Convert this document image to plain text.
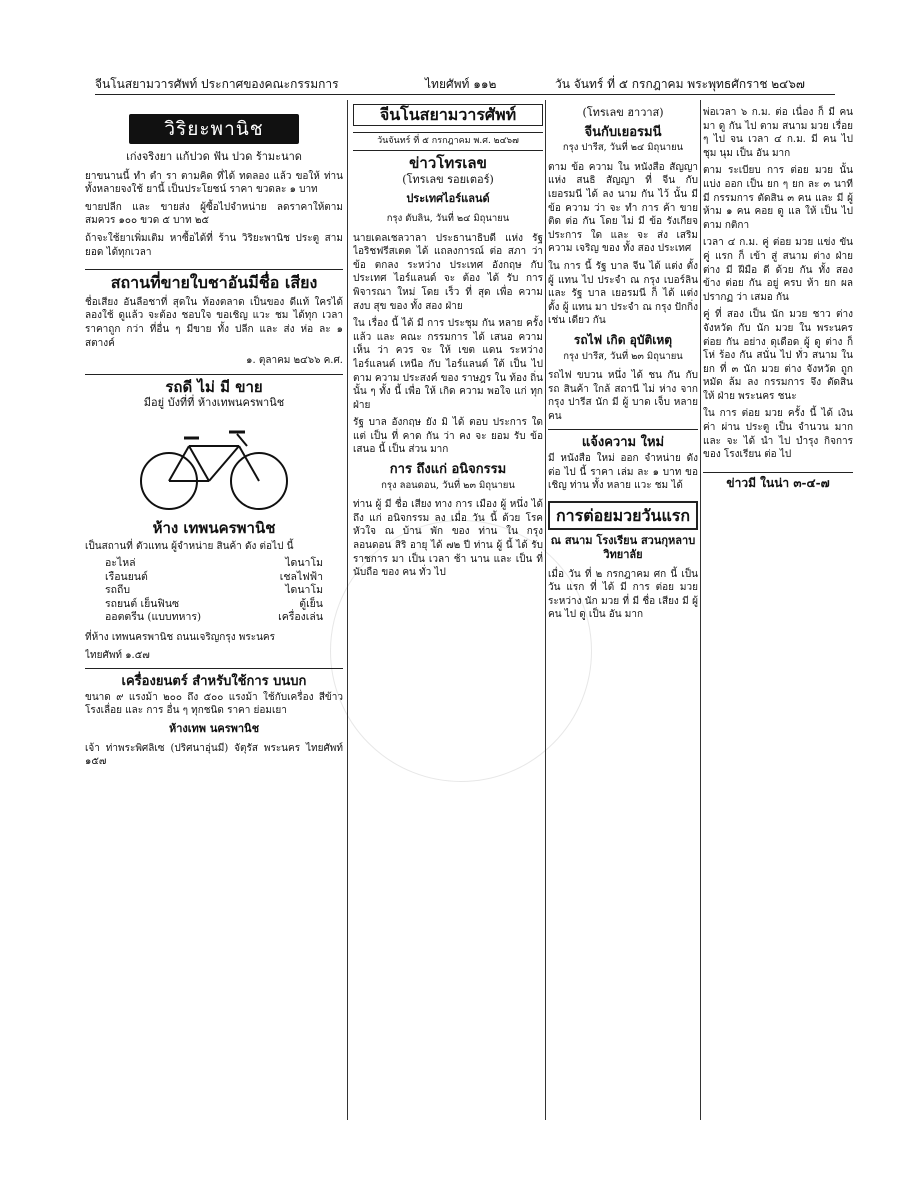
จีนโนสยามวารศัพท์ ประกาศของคณะกรรมการ	ไทยศัพท์ ๑๑๒	วัน จันทร์ ที่ ๕ กรกฎาคม พระพุทธศักราช ๒๔๖๗
วิริยะพานิช
เก่งจริงยา แก้ปวด ฟัน ปวด ร้ามะนาด

ยาขนานนี้ ทำ ตำ รา ตามคิด ที่ได้ ทดลอง แล้ว ขอให้ ท่าน ทั้งหลายจงใช้ ยานี้ เป็นประโยชน์ ราคา ขวดละ ๑ บาท

ขายปลีก และ ขายส่ง ผู้ซื้อไปจำหน่าย ลดราคาให้ตามสมควร ๑๐๐ ขวด ๕ บาท ๒๕

ถ้าจะใช้ยาเพิ่มเติม หาซื้อได้ที่ ร้าน วิริยะพานิช ประตู สามยอด ได้ทุกเวลา

สถานที่ขายใบชาอันมีชื่อ เสียง

ชื่อเสียง อันลือชาที่ สุดใน ท้องตลาด เป็นของ ดีแท้ ใครได้ ลองใช้ ดูแล้ว จะต้อง ชอบใจ ขอเชิญ แวะ ชม ได้ทุก เวลา ราคาถูก กว่า ที่อื่น ๆ มีขาย ทั้ง ปลีก และ ส่ง ห่อ ละ ๑ สตางค์

๑. ตุลาคม ๒๔๖๖ ค.ศ.

รถดี ไม่ มี ขาย
มีอยู่ บังที่ที่ ห้างเทพนครพานิช
ห้าง เทพนครพานิช

เป็นสถานที่ ตัวแทน ผู้จำหน่าย สินค้า ดัง ต่อไป นี้

อะไหล่	ไดนาโม
เรือนยนต์	เชลไฟฟ้า
รถถีบ	ไดนาโม
รถยนต์ เย็นฟินซ	ตู้เย็น
ออตตรีน (แบบทหาร)	เครื่องเล่น

ที่ห้าง เทพนครพานิช ถนนเจริญกรุง พระนคร

ไทยศัพท์ ๑.๕๗

เครื่องยนตร์ สำหรับใช้การ บนบก

ขนาด ๙ แรงม้า ๒๐๐ ถึง ๕๐๐ แรงม้า ใช้กับเครื่อง สีข้าว โรงเลื่อย และ การ อื่น ๆ ทุกชนิด ราคา ย่อมเยา

ห้างเทพ นครพานิช

เจ้า ท่าพระพิศลิเซ (ปริศนาอุ่นมี) จัตุรัส พระนคร ไทยศัพท์ ๑๕๗

จีนโนสยามวารศัพท์
วันจันทร์ ที่ ๕ กรกฎาคม พ.ศ. ๒๔๖๗
ข่าวโทรเลข
(โทรเลข รอยเตอร์)
ประเทศไอร์แลนด์
กรุง ดับลิน, วันที่ ๒๔ มิถุนายน

นายเดลเชลวาลา ประธานาธิบดี แห่ง รัฐ ไอริชฟรีสเตต ได้ แถลงการณ์ ต่อ สภา ว่า ข้อ ตกลง ระหว่าง ประเทศ อังกฤษ กับ ประเทศ ไอร์แลนด์ จะ ต้อง ได้ รับ การ พิจารณา ใหม่ โดย เร็ว ที่ สุด เพื่อ ความ สงบ สุข ของ ทั้ง สอง ฝ่าย

ใน เรื่อง นี้ ได้ มี การ ประชุม กัน หลาย ครั้ง แล้ว และ คณะ กรรมการ ได้ เสนอ ความ เห็น ว่า ควร จะ ให้ เขต แดน ระหว่าง ไอร์แลนด์ เหนือ กับ ไอร์แลนด์ ใต้ เป็น ไป ตาม ความ ประสงค์ ของ ราษฎร ใน ท้อง ถิ่น นั้น ๆ ทั้ง นี้ เพื่อ ให้ เกิด ความ พอใจ แก่ ทุก ฝ่าย

รัฐ บาล อังกฤษ ยัง มิ ได้ ตอบ ประการ ใด แต่ เป็น ที่ คาด กัน ว่า คง จะ ยอม รับ ข้อ เสนอ นี้ เป็น ส่วน มาก

การ ถึงแก่ อนิจกรรม
กรุง ลอนดอน, วันที่ ๒๓ มิถุนายน

ท่าน ผู้ มี ชื่อ เสียง ทาง การ เมือง ผู้ หนึ่ง ได้ ถึง แก่ อนิจกรรม ลง เมื่อ วัน นี้ ด้วย โรค หัวใจ ณ บ้าน พัก ของ ท่าน ใน กรุง ลอนดอน สิริ อายุ ได้ ๗๒ ปี ท่าน ผู้ นี้ ได้ รับ ราชการ มา เป็น เวลา ช้า นาน และ เป็น ที่ นับถือ ของ คน ทั่ว ไป

(โทรเลข ฮาวาส)
จีนกับเยอรมนี
กรุง ปารีส, วันที่ ๒๔ มิถุนายน

ตาม ข้อ ความ ใน หนังสือ สัญญา แห่ง สนธิ สัญญา ที่ จีน กับ เยอรมนี ได้ ลง นาม กัน ไว้ นั้น มี ข้อ ความ ว่า จะ ทำ การ ค้า ขาย ติด ต่อ กัน โดย ไม่ มี ข้อ รังเกียจ ประการ ใด และ จะ ส่ง เสริม ความ เจริญ ของ ทั้ง สอง ประเทศ

ใน การ นี้ รัฐ บาล จีน ได้ แต่ง ตั้ง ผู้ แทน ไป ประจำ ณ กรุง เบอร์ลิน และ รัฐ บาล เยอรมนี ก็ ได้ แต่ง ตั้ง ผู้ แทน มา ประจำ ณ กรุง ปักกิ่ง เช่น เดียว กัน

รถไฟ เกิด อุบัติเหตุ
กรุง ปารีส, วันที่ ๒๓ มิถุนายน

รถไฟ ขบวน หนึ่ง ได้ ชน กัน กับ รถ สินค้า ใกล้ สถานี ไม่ ห่าง จาก กรุง ปารีส นัก มี ผู้ บาด เจ็บ หลาย คน

แจ้งความ ใหม่

มี หนังสือ ใหม่ ออก จำหน่าย ดัง ต่อ ไป นี้ ราคา เล่ม ละ ๑ บาท ขอ เชิญ ท่าน ทั้ง หลาย แวะ ชม ได้

การต่อยมวยวันแรก
ณ สนาม โรงเรียน สวนกุหลาบวิทยาลัย

เมื่อ วัน ที่ ๒ กรกฎาคม ศก นี้ เป็น วัน แรก ที่ ได้ มี การ ต่อย มวย ระหว่าง นัก มวย ที่ มี ชื่อ เสียง มี ผู้ คน ไป ดู เป็น อัน มาก

พ่อเวลา ๖ ก.ม. ต่อ เนื่อง ก็ มี คน มา ดู กัน ไป ตาม สนาม มวย เรื่อย ๆ ไป จน เวลา ๔ ก.ม. มี คน ไป ชุม นุม เป็น อัน มาก

ตาม ระเบียบ การ ต่อย มวย นั้น แบ่ง ออก เป็น ยก ๆ ยก ละ ๓ นาที มี กรรมการ ตัดสิน ๓ คน และ มี ผู้ ห้าม ๑ คน คอย ดู แล ให้ เป็น ไป ตาม กติกา

เวลา ๔ ก.ม. คู่ ต่อย มวย แข่ง ขัน คู่ แรก ก็ เข้า สู่ สนาม ต่าง ฝ่าย ต่าง มี ฝีมือ ดี ด้วย กัน ทั้ง สอง ข้าง ต่อย กัน อยู่ ครบ ห้า ยก ผล ปรากฏ ว่า เสมอ กัน

คู่ ที่ สอง เป็น นัก มวย ชาว ต่าง จังหวัด กับ นัก มวย ใน พระนคร ต่อย กัน อย่าง ดุเดือด ผู้ ดู ต่าง ก็ โห่ ร้อง กัน สนั่น ไป ทั่ว สนาม ใน ยก ที่ ๓ นัก มวย ต่าง จังหวัด ถูก หมัด ล้ม ลง กรรมการ จึง ตัดสิน ให้ ฝ่าย พระนคร ชนะ

ใน การ ต่อย มวย ครั้ง นี้ ได้ เงิน ค่า ผ่าน ประตู เป็น จำนวน มาก และ จะ ได้ นำ ไป บำรุง กิจการ ของ โรงเรียน ต่อ ไป

ข่าวมี ในน่า ๓-๔-๗
